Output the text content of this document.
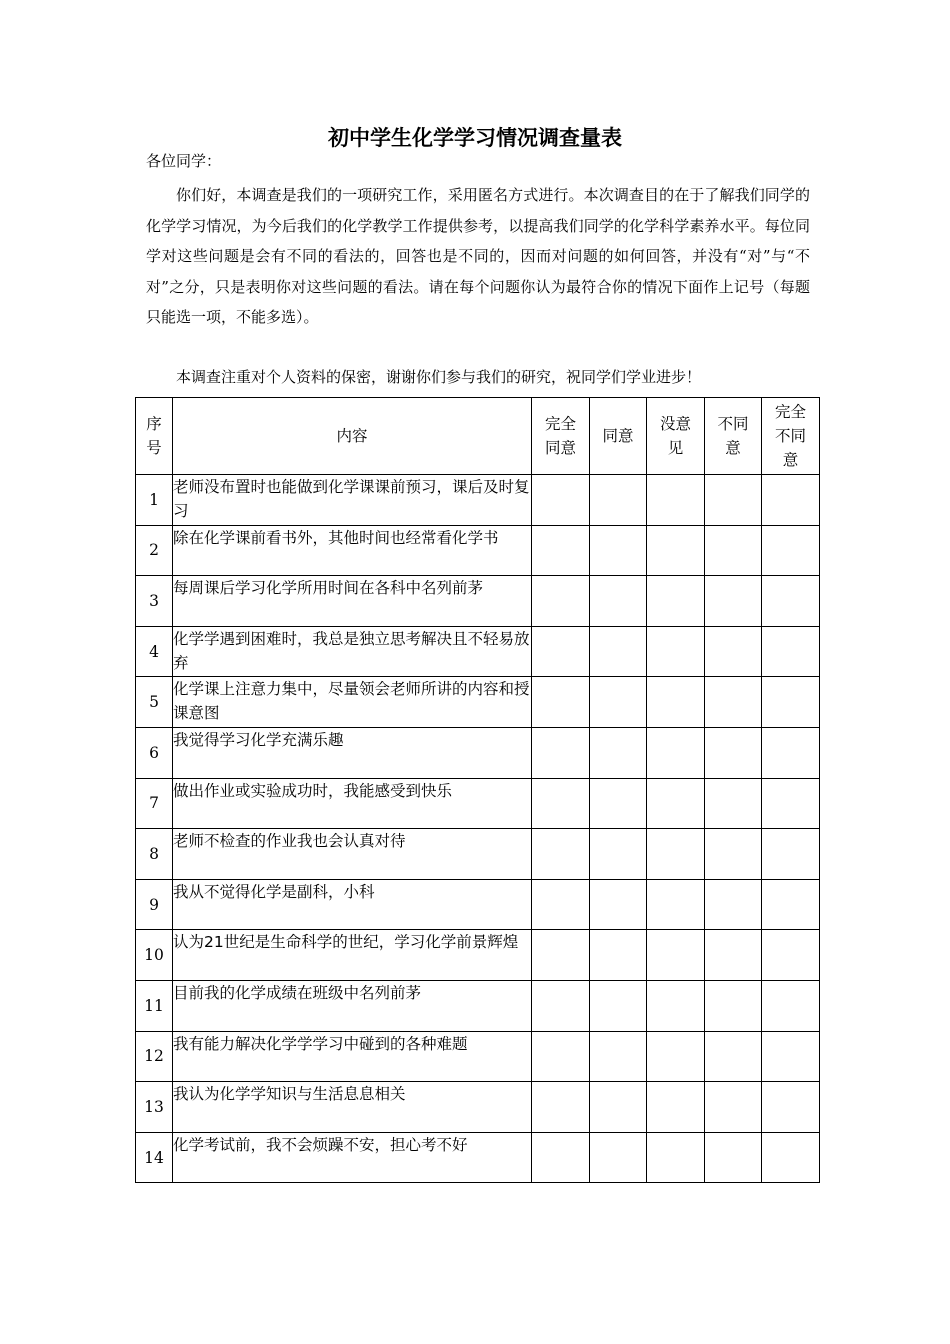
初中学生化学学习情况调查量表
各位同学：

你们好，本调查是我们的一项研究工作，采用匿名方式进行。本次调查目的在于了解我们同学的化学学习情况，为今后我们的化学教学工作提供参考，以提高我们同学的化学科学素养水平。每位同学对这些问题是会有不同的看法的，回答也是不同的，因而对问题的如何回答，并没有“对”与“不对”之分，只是表明你对这些问题的看法。请在每个问题你认为最符合你的情况下面作上记号（每题只能选一项，不能多选）。

本调查注重对个人资料的保密，谢谢你们参与我们的研究，祝同学们学业进步！

序号	内容	完全同意	同意	没意见	不同意	完全不同意

1	老师没布置时也能做到化学课课前预习，课后及时复习					
2	除在化学课前看书外，其他时间也经常看化学书					
3	每周课后学习化学所用时间在各科中名列前茅					
4	化学学遇到困难时，我总是独立思考解决且不轻易放弃					
5	化学课上注意力集中，尽量领会老师所讲的内容和授课意图					
6	我觉得学习化学充满乐趣					
7	做出作业或实验成功时，我能感受到快乐					
8	老师不检查的作业我也会认真对待					
9	我从不觉得化学是副科，小科					
10	认为21世纪是生命科学的世纪，学习化学前景辉煌					
11	目前我的化学成绩在班级中名列前茅					
12	我有能力解决化学学学习中碰到的各种难题					
13	我认为化学学知识与生活息息相关					
14	化学考试前，我不会烦躁不安，担心考不好					
